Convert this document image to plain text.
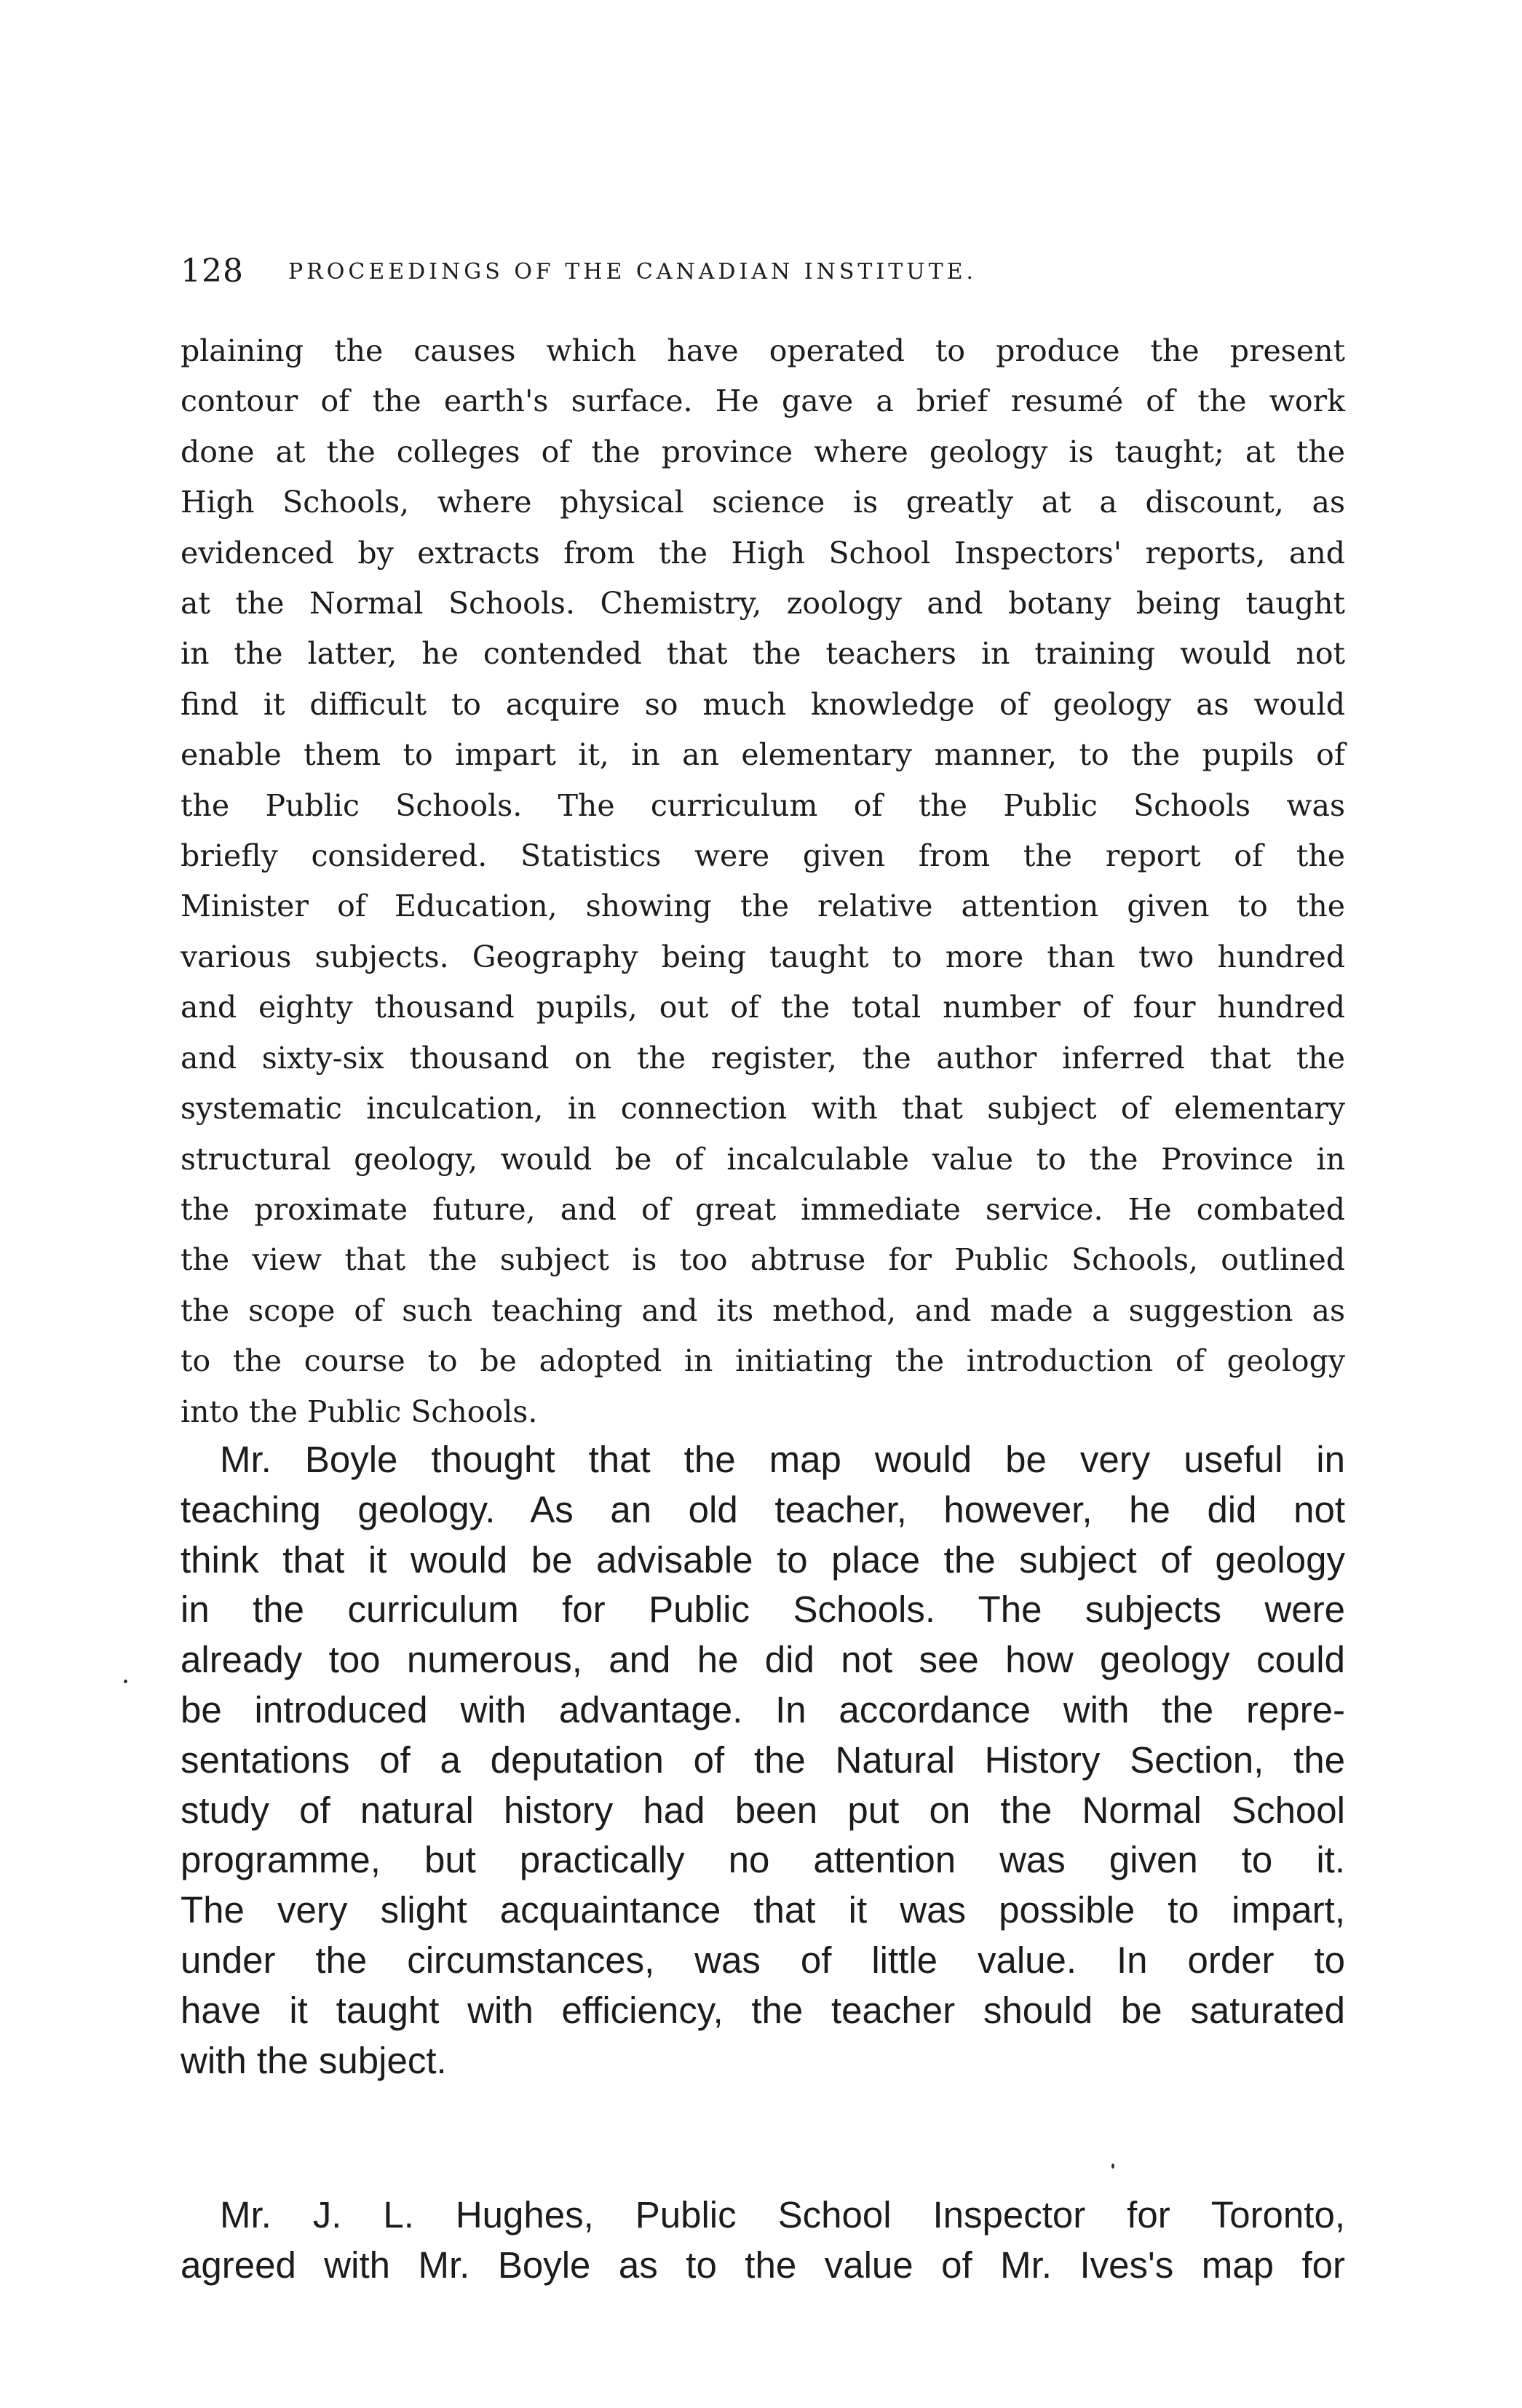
128 PROCEEDINGS OF THE CANADIAN INSTITUTE.
plaining the causes which have operated to produce the present
contour of the earth's surface. He gave a brief resumé of the work
done at the colleges of the province where geology is taught; at the
High Schools, where physical science is greatly at a discount, as
evidenced by extracts from the High School Inspectors' reports, and
at the Normal Schools. Chemistry, zoology and botany being taught
in the latter, he contended that the teachers in training would not
find it difficult to acquire so much knowledge of geology as would
enable them to impart it, in an elementary manner, to the pupils of
the Public Schools. The curriculum of the Public Schools was
briefly considered. Statistics were given from the report of the
Minister of Education, showing the relative attention given to the
various subjects. Geography being taught to more than two hundred
and eighty thousand pupils, out of the total number of four hundred
and sixty-six thousand on the register, the author inferred that the
systematic inculcation, in connection with that subject of elementary
structural geology, would be of incalculable value to the Province in
the proximate future, and of great immediate service. He combated
the view that the subject is too abtruse for Public Schools, outlined
the scope of such teaching and its method, and made a suggestion as
to the course to be adopted in initiating the introduction of geology
into the Public Schools.
Mr. Boyle thought that the map would be very useful in
teaching geology. As an old teacher, however, he did not
think that it would be advisable to place the subject of geology
in the curriculum for Public Schools. The subjects were
already too numerous, and he did not see how geology could
be introduced with advantage. In accordance with the repre-
sentations of a deputation of the Natural History Section, the
study of natural history had been put on the Normal School
programme, but practically no attention was given to it.
The very slight acquaintance that it was possible to impart,
under the circumstances, was of little value. In order to
have it taught with efficiency, the teacher should be saturated
with the subject.
Mr. J. L. Hughes, Public School Inspector for Toronto,
agreed with Mr. Boyle as to the value of Mr. Ives's map for
